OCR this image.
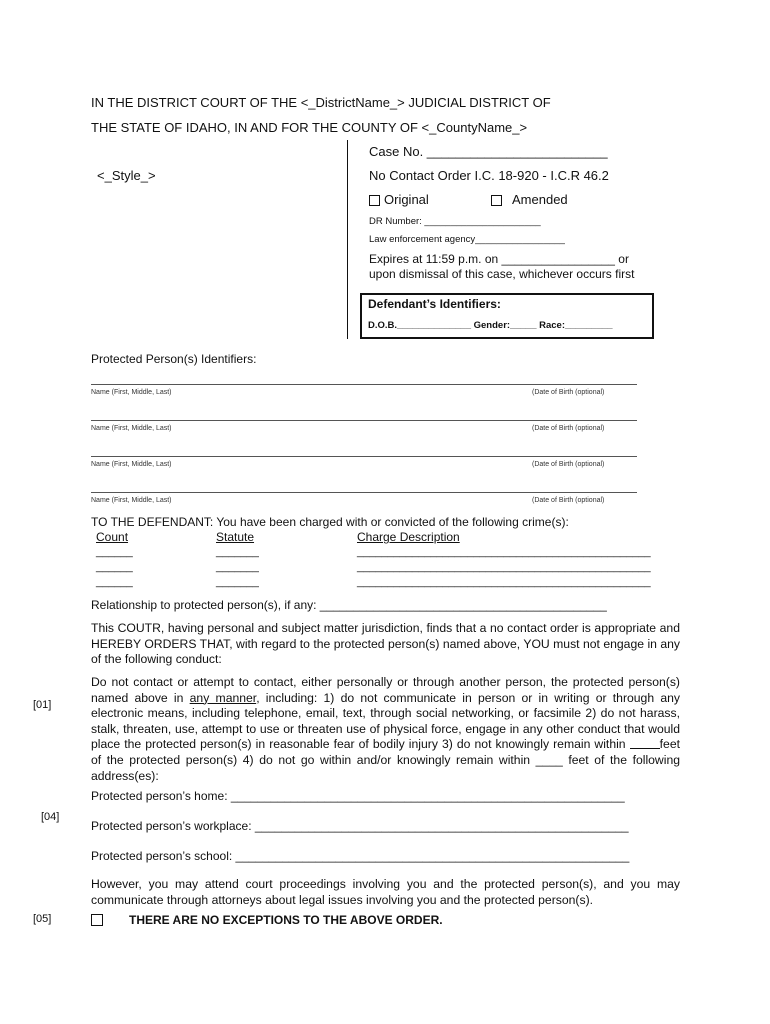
IN THE DISTRICT COURT OF THE <_DistrictName_> JUDICIAL DISTRICT OF
THE STATE OF IDAHO, IN AND FOR THE COUNTY OF <_CountyName_>
<_Style_>
Case No. _________________________
No Contact Order I.C. 18-920 - I.C.R 46.2
Original	Amended
DR Number: ______________________
Law enforcement agency_________________
Expires at 11:59 p.m. on _________________ or
upon dismissal of this case, whichever occurs first
Defendant’s Identifiers:
D.O.B.______________ Gender:_____ Race:_________
Protected Person(s) Identifiers:
Name (First, Middle, Last)	(Date of Birth (optional)
Name (First, Middle, Last)	(Date of Birth (optional)
Name (First, Middle, Last)	(Date of Birth (optional)
Name (First, Middle, Last)	(Date of Birth (optional)
TO THE DEFENDANT: You have been charged with or convicted of the following crime(s):
Count	Statute	Charge Description
______	_______	________________________________________________
______	_______	________________________________________________
______	_______	________________________________________________
Relationship to protected person(s), if any: ___________________________________________
This COUTR, having personal and subject matter jurisdiction, finds that a no contact order is appropriate and HEREBY ORDERS THAT, with regard to the protected person(s) named above, YOU must not engage in any of the following conduct:
[01]
Do not contact or attempt to contact, either personally or through another person, the protected person(s) named above in any manner, including: 1) do not communicate in person or in writing or through any electronic means, including telephone, email, text, through social networking, or facsimile 2) do not harass, stalk, threaten, use, attempt to use or threaten use of physical force, engage in any other conduct that would place the protected person(s) in reasonable fear of bodily injury 3) do not knowingly remain within feet of the protected person(s) 4) do not go within and/or knowingly remain within ____ feet of the following address(es):
Protected person’s home: ___________________________________________________________
[04]
Protected person’s workplace: ________________________________________________________
Protected person’s school: ___________________________________________________________
However, you may attend court proceedings involving you and the protected person(s), and you may communicate through attorneys about legal issues involving you and the protected person(s).
[05]	THERE ARE NO EXCEPTIONS TO THE ABOVE ORDER.
